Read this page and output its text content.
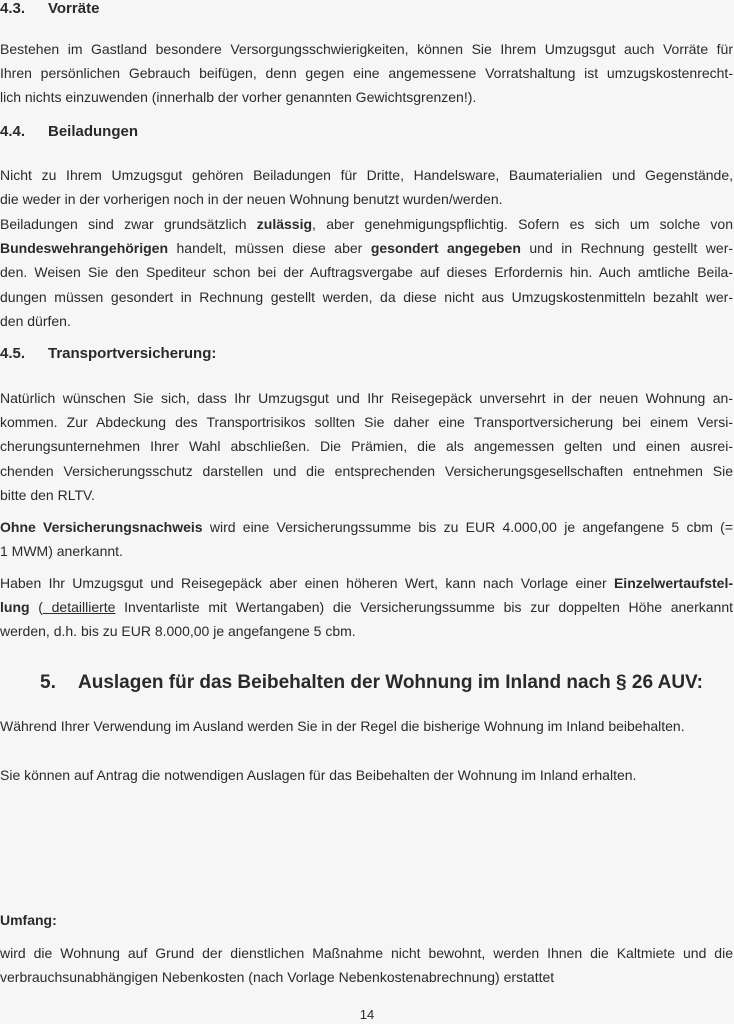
4.3. Vorräte
Bestehen im Gastland besondere Versorgungsschwierigkeiten, können Sie Ihrem Umzugsgut auch Vorräte für
Ihren persönlichen Gebrauch beifügen, denn gegen eine angemessene Vorratshaltung ist umzugskostenrecht-
lich nichts einzuwenden (innerhalb der vorher genannten Gewichtsgrenzen!).
4.4. Beiladungen
Nicht zu Ihrem Umzugsgut gehören Beiladungen für Dritte, Handelsware, Baumaterialien und Gegenstände,
die weder in der vorherigen noch in der neuen Wohnung benutzt wurden/werden.
Beiladungen sind zwar grundsätzlich zulässig, aber genehmigungspflichtig. Sofern es sich um solche von
Bundeswehrangehörigen handelt, müssen diese aber gesondert angegeben und in Rechnung gestellt wer-
den. Weisen Sie den Spediteur schon bei der Auftragsvergabe auf dieses Erfordernis hin. Auch amtliche Beila-
dungen müssen gesondert in Rechnung gestellt werden, da diese nicht aus Umzugskostenmitteln bezahlt wer-
den dürfen.
4.5. Transportversicherung:
Natürlich wünschen Sie sich, dass Ihr Umzugsgut und Ihr Reisegepäck unversehrt in der neuen Wohnung an-
kommen. Zur Abdeckung des Transportrisikos sollten Sie daher eine Transportversicherung bei einem Versi-
cherungsunternehmen Ihrer Wahl abschließen. Die Prämien, die als angemessen gelten und einen ausrei-
chenden Versicherungsschutz darstellen und die entsprechenden Versicherungsgesellschaften entnehmen Sie
bitte den RLTV.
Ohne Versicherungsnachweis wird eine Versicherungssumme bis zu EUR 4.000,00 je angefangene 5 cbm (=
1 MWM) anerkannt.
Haben Ihr Umzugsgut und Reisegepäck aber einen höheren Wert, kann nach Vorlage einer Einzelwertaufstel-
lung ( detaillierte Inventarliste mit Wertangaben) die Versicherungssumme bis zur doppelten Höhe anerkannt
werden, d.h. bis zu EUR 8.000,00 je angefangene 5 cbm.
5. Auslagen für das Beibehalten der Wohnung im Inland nach § 26 AUV:
Während Ihrer Verwendung im Ausland werden Sie in der Regel die bisherige Wohnung im Inland beibehalten.
Sie können auf Antrag die notwendigen Auslagen für das Beibehalten der Wohnung im Inland erhalten.
Umfang:
wird die Wohnung auf Grund der dienstlichen Maßnahme nicht bewohnt, werden Ihnen die Kaltmiete und die
verbrauchsunabhängigen Nebenkosten (nach Vorlage Nebenkostenabrechnung) erstattet
14
